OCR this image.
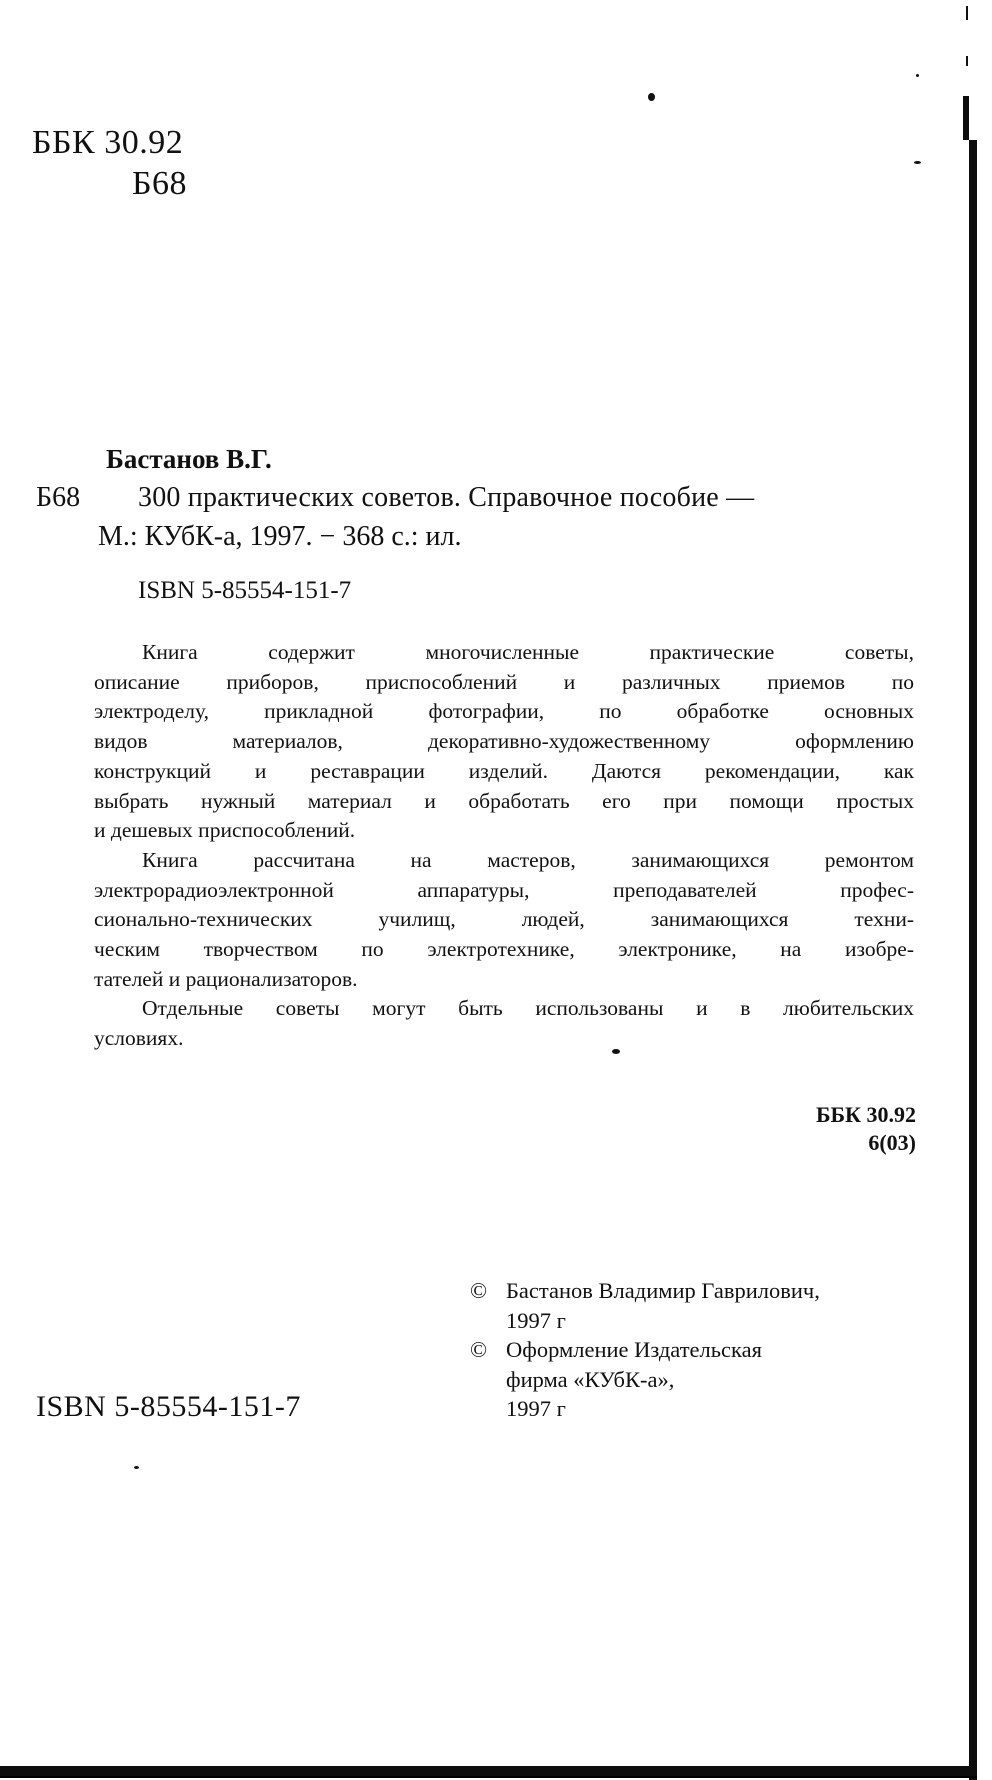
ББК 30.92
Б68
Бастанов В.Г.
Б68 300 практических советов. Справочное пособие —
М.: КУбК-а, 1997. − 368 с.: ил.
ISBN 5-85554-151-7
Книга содержит многочисленные практические советы,
описание приборов, приспособлений и различных приемов по
электроделу, прикладной фотографии, по обработке основных
видов материалов, декоративно-художественному оформлению
конструкций и реставрации изделий. Даются рекомендации, как
выбрать нужный материал и обработать его при помощи простых
и дешевых приспособлений.
Книга рассчитана на мастеров, занимающихся ремонтом
электрорадиоэлектронной аппаратуры, преподавателей профес-
сионально-технических училищ, людей, занимающихся техни-
ческим творчеством по электротехнике, электронике, на изобре-
тателей и рационализаторов.
Отдельные советы могут быть использованы и в любительских
условиях.
ББК 30.92
6(03)
© Бастанов Владимир Гаврилович,
1997 г
© Оформление Издательская
фирма «КУбК-а»,
1997 г
ISBN 5-85554-151-7
